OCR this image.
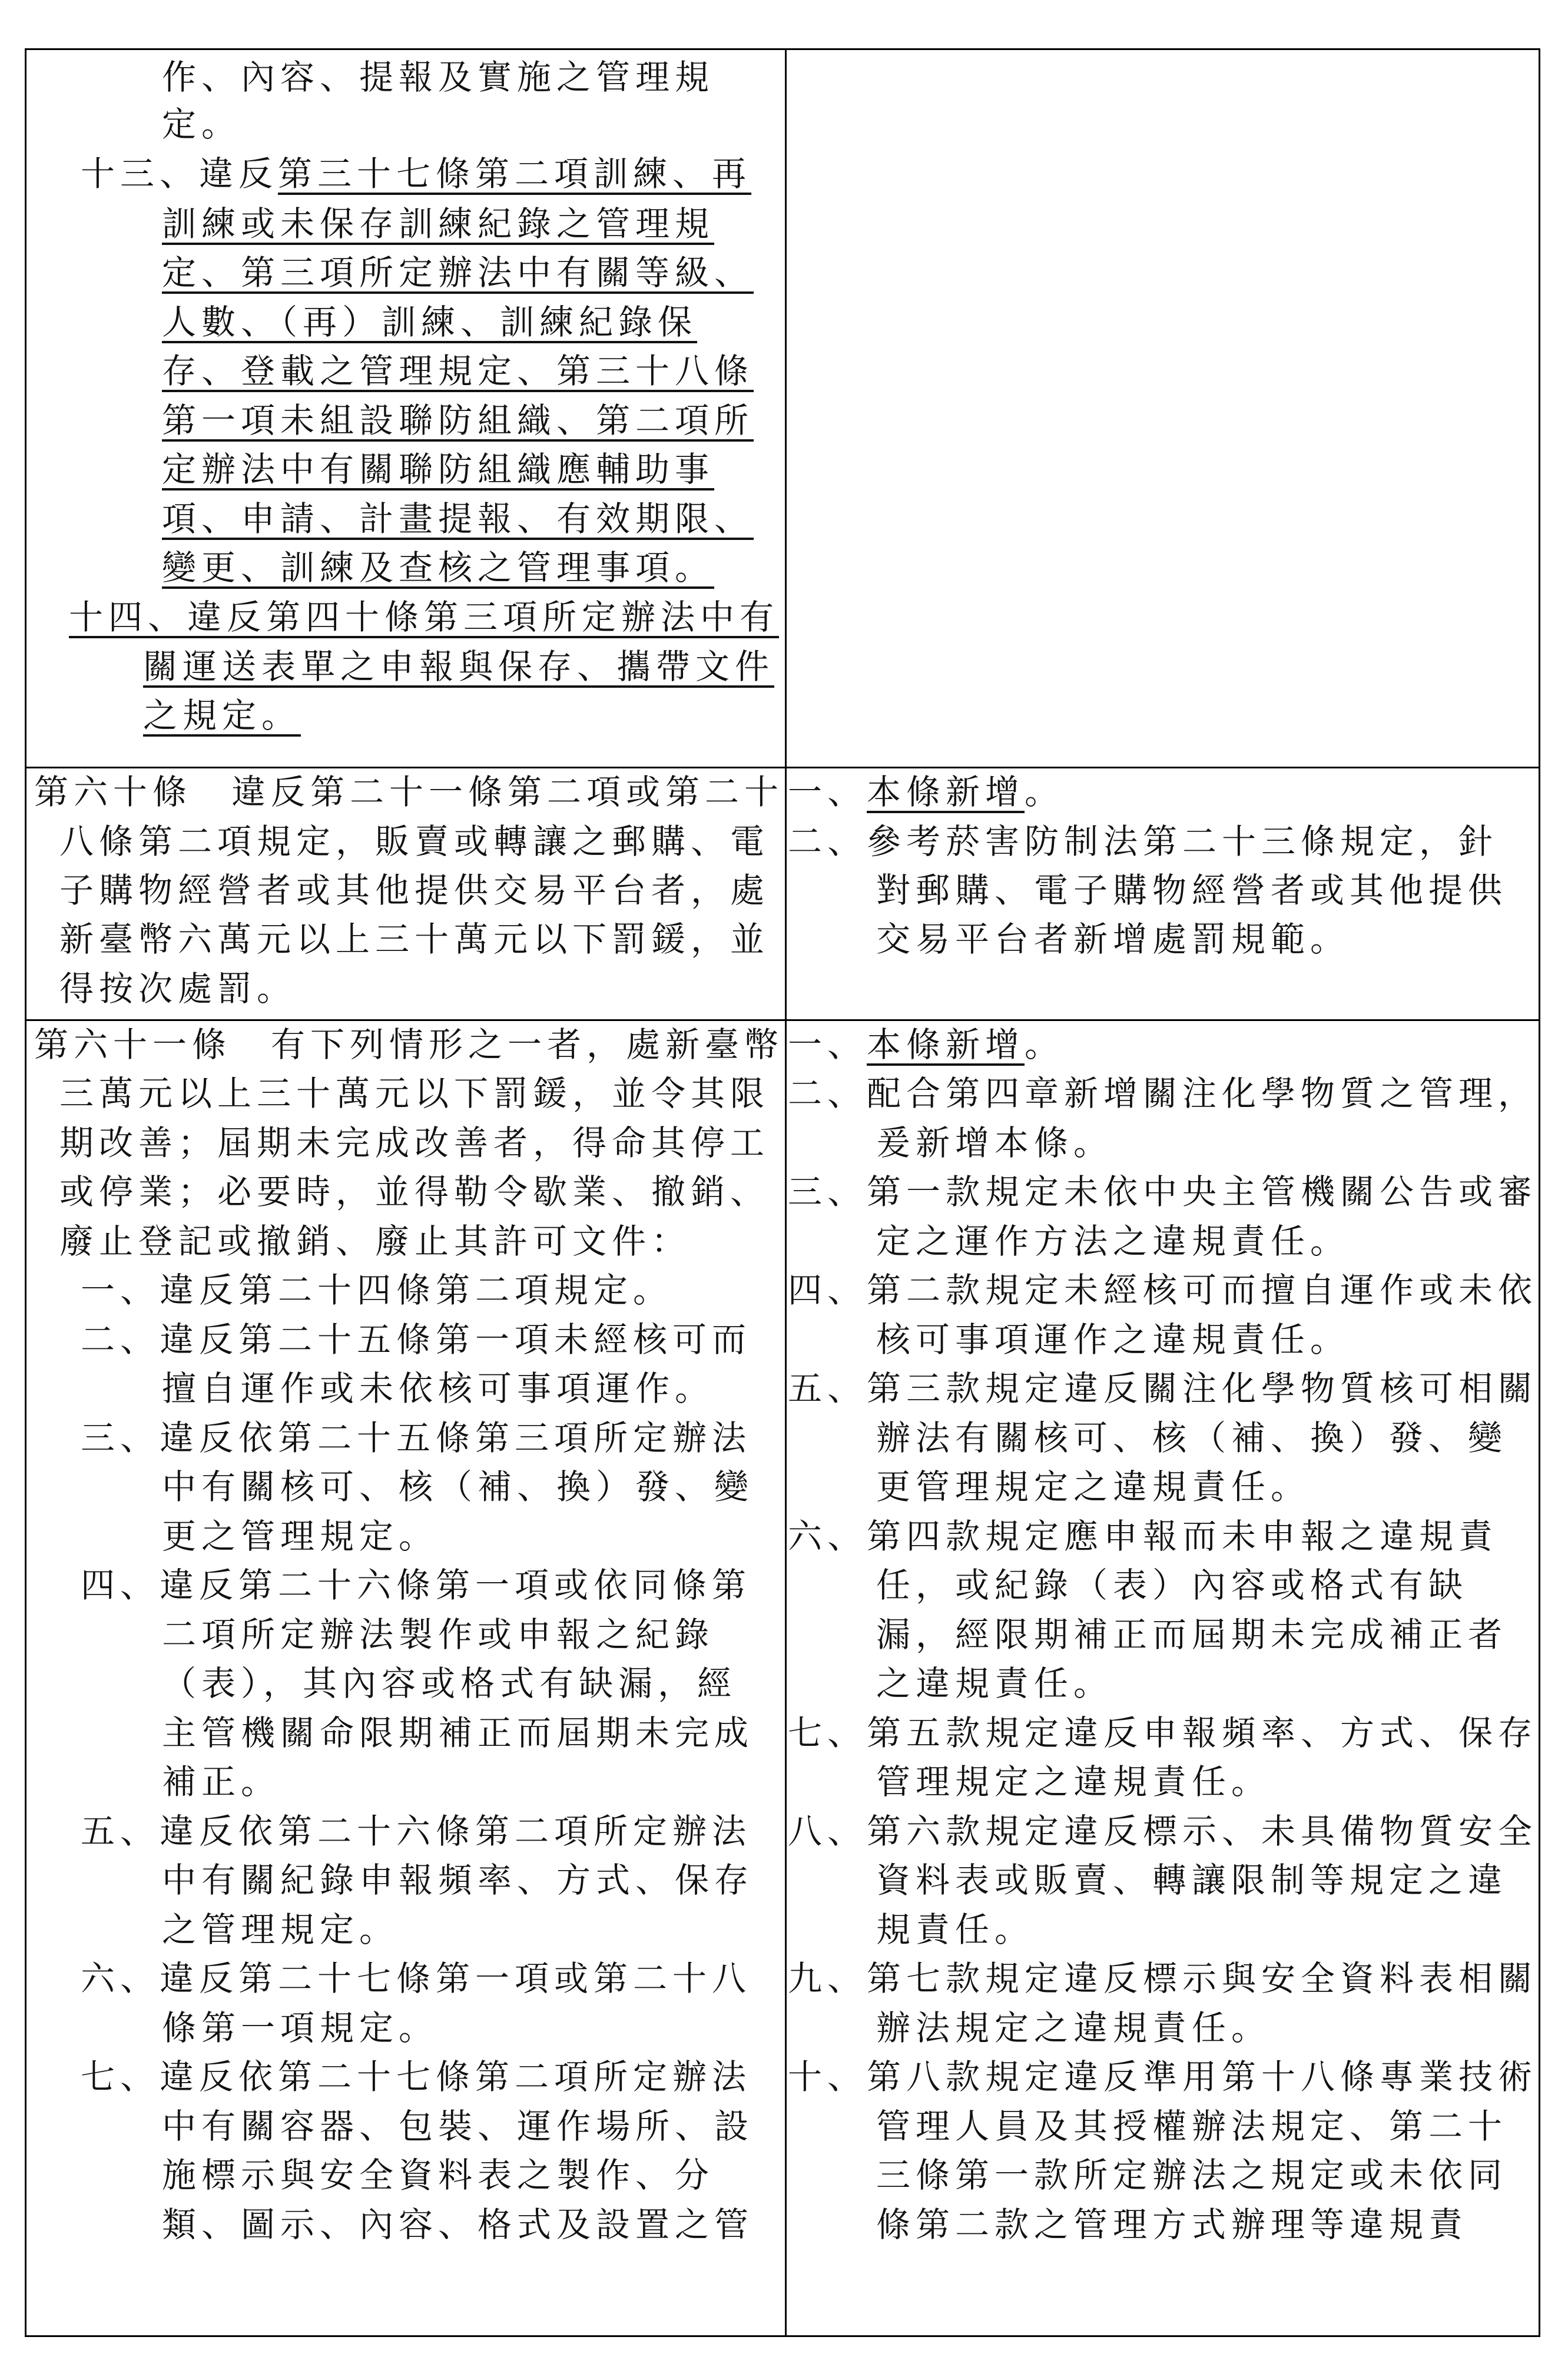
作、內容、提報及實施之管理規
定。
十三、違反第三十七條第二項訓練、再
訓練或未保存訓練紀錄之管理規
定、第三項所定辦法中有關等級、
人數、（再）訓練、訓練紀錄保
存、登載之管理規定、第三十八條
第一項未組設聯防組織、第二項所
定辦法中有關聯防組織應輔助事
項、申請、計畫提報、有效期限、
變更、訓練及查核之管理事項。
十四、違反第四十條第三項所定辦法中有
關運送表單之申報與保存、攜帶文件
之規定。
第六十條　違反第二十一條第二項或第二十
八條第二項規定，販賣或轉讓之郵購、電
子購物經營者或其他提供交易平台者，處
新臺幣六萬元以上三十萬元以下罰鍰，並
得按次處罰。
一、本條新增。
二、參考菸害防制法第二十三條規定，針
對郵購、電子購物經營者或其他提供
交易平台者新增處罰規範。
第六十一條　有下列情形之一者，處新臺幣
三萬元以上三十萬元以下罰鍰，並令其限
期改善；屆期未完成改善者，得命其停工
或停業；必要時，並得勒令歇業、撤銷、
廢止登記或撤銷、廢止其許可文件：
一、違反第二十四條第二項規定。
二、違反第二十五條第一項未經核可而
擅自運作或未依核可事項運作。
三、違反依第二十五條第三項所定辦法
中有關核可、核（補、換）發、變
更之管理規定。
四、違反第二十六條第一項或依同條第
二項所定辦法製作或申報之紀錄
（表），其內容或格式有缺漏，經
主管機關命限期補正而屆期未完成
補正。
五、違反依第二十六條第二項所定辦法
中有關紀錄申報頻率、方式、保存
之管理規定。
六、違反第二十七條第一項或第二十八
條第一項規定。
七、違反依第二十七條第二項所定辦法
中有關容器、包裝、運作場所、設
施標示與安全資料表之製作、分
類、圖示、內容、格式及設置之管
一、本條新增。
二、配合第四章新增關注化學物質之管理，
爰新增本條。
三、第一款規定未依中央主管機關公告或審
定之運作方法之違規責任。
四、第二款規定未經核可而擅自運作或未依
核可事項運作之違規責任。
五、第三款規定違反關注化學物質核可相關
辦法有關核可、核（補、換）發、變
更管理規定之違規責任。
六、第四款規定應申報而未申報之違規責
任，或紀錄（表）內容或格式有缺
漏，經限期補正而屆期未完成補正者
之違規責任。
七、第五款規定違反申報頻率、方式、保存
管理規定之違規責任。
八、第六款規定違反標示、未具備物質安全
資料表或販賣、轉讓限制等規定之違
規責任。
九、第七款規定違反標示與安全資料表相關
辦法規定之違規責任。
十、第八款規定違反準用第十八條專業技術
管理人員及其授權辦法規定、第二十
三條第一款所定辦法之規定或未依同
條第二款之管理方式辦理等違規責
